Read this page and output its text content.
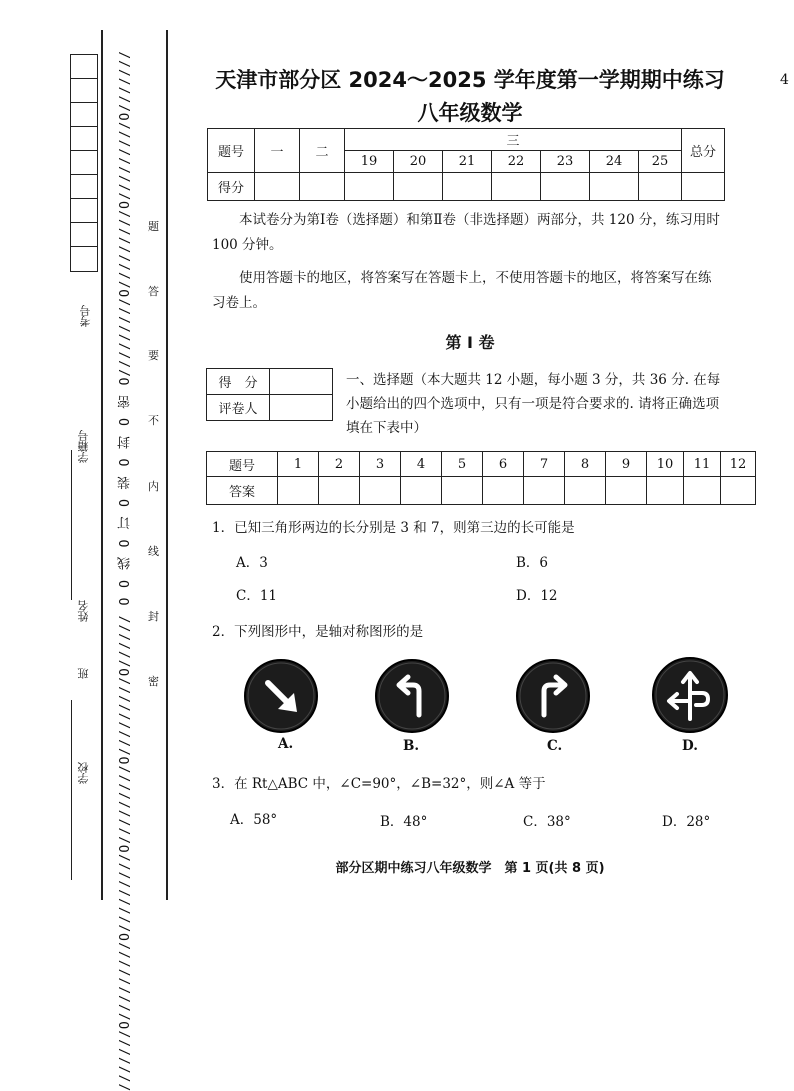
考号
学籍号
姓名
班
学校 ///////O/////////O/////////O/////////O/////////O////// O O 线 O 订 O 装 O 封 O 密 O/////////O/////////O/////////O/////// 题
答
要
不
内
线
封
密
4
天津市部分区 2024～2025 学年度第一学期期中练习
八年级数学
题号	一	二	三							总分
			19	20	21	22	23	24	25	
得分										
本试卷分为第Ⅰ卷（选择题）和第Ⅱ卷（非选择题）两部分，共 120 分，练习用时 100 分钟。
使用答题卡的地区，将答案写在答题卡上，不使用答题卡的地区，将答案写在练习卷上。
第 Ⅰ 卷
得　分	
评卷人	
一、选择题（本大题共 12 小题，每小题 3 分，共 36 分. 在每小题给出的四个选项中，只有一项是符合要求的. 请将正确选项填在下表中）
题号	1	2	3	4	5	6	7	8	9	10	11	12
答案												
1．已知三角形两边的长分别是 3 和 7，则第三边的长可能是
A．3	B．6
C．11	D．12
2．下列图形中，是轴对称图形的是
A.	B.	C.	D.
3．在 Rt△ABC 中，∠C=90°，∠B=32°，则∠A 等于
A．58°	B．48°	C．38°	D．28°
部分区期中练习八年级数学　第 1 页(共 8 页)
